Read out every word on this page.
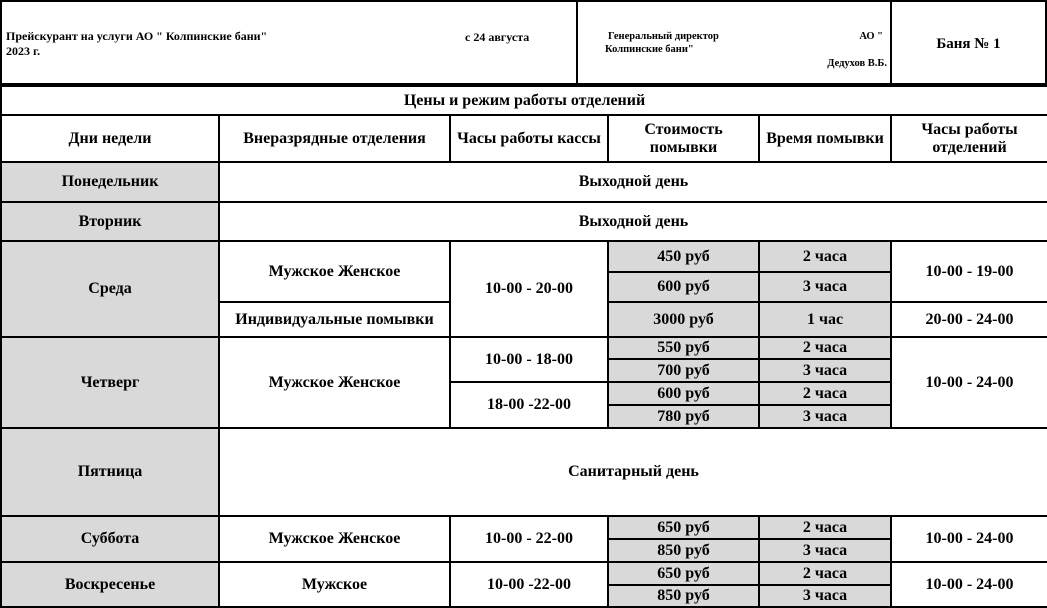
Прейскурант на услуги АО " Колпинские бани"
2023 г.
с 24 августа	Генеральный директор
Колпинские бани"
АО "
Дедухов В.Б.
Баня № 1
Цены и режим работы отделений					
Дни недели	Внеразрядные отделения	Часы работы кассы	Стоимость помывки	Время помывки	Часы работы отделений
Понедельник	Выходной день				
Вторник	Выходной день				
Среда	Мужское Женское	10-00 - 20-00	450 руб	2 часа	10-00 - 19-00
			600 руб	3 часа	
	Индивидуальные помывки		3000 руб	1 час	20-00 - 24-00
Четверг	Мужское Женское	10-00 - 18-00	550 руб	2 часа	10-00 - 24-00
			700 руб	3 часа	
		18-00 -22-00	600 руб	2 часа	
			780 руб	3 часа	
Пятница	Санитарный день				
Суббота	Мужское Женское	10-00 - 22-00	650 руб	2 часа	10-00 - 24-00
			850 руб	3 часа	
Воскресенье	Мужское	10-00 -22-00	650 руб	2 часа	10-00 - 24-00
			850 руб	3 часа	
